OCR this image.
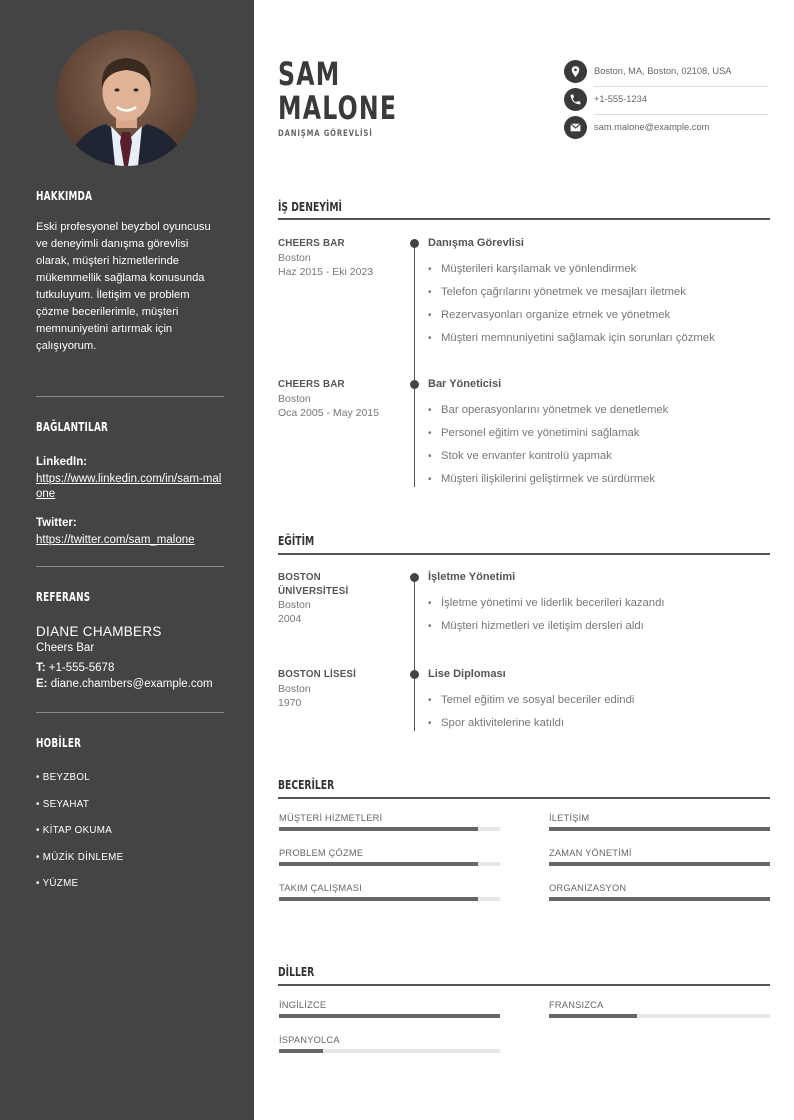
HAKKIMDA
Eski profesyonel beyzbol oyuncusu ve deneyimli danışma görevlisi olarak, müşteri hizmetlerinde mükemmellik sağlama konusunda tutkuluyum. İletişim ve problem çözme becerilerimle, müşteri memnuniyetini artırmak için çalışıyorum.
BAĞLANTILAR
LinkedIn:
https://www.linkedin.com/in/sam-malone
Twitter:
https://twitter.com/sam_malone
REFERANS
DIANE CHAMBERS
Cheers Bar
T: +1-555-5678
E: diane.chambers@example.com
HOBİLER
• BEYZBOL
• SEYAHAT
• KİTAP OKUMA
• MÜZİK DİNLEME
• YÜZME
SAM
MALONE
DANIŞMA GÖREVLİSİ
Boston, MA, Boston, 02108, USA
+1-555-1234
sam.malone@example.com
İŞ DENEYİMİ
CHEERS BAR
Boston
Haz 2015 - Eki 2023
Danışma Görevlisi
• Müşterileri karşılamak ve yönlendirmek
• Telefon çağrılarını yönetmek ve mesajları iletmek
• Rezervasyonları organize etmek ve yönetmek
• Müşteri memnuniyetini sağlamak için sorunları çözmek
CHEERS BAR
Boston
Oca 2005 - May 2015
Bar Yöneticisi
• Bar operasyonlarını yönetmek ve denetlemek
• Personel eğitim ve yönetimini sağlamak
• Stok ve envanter kontrolü yapmak
• Müşteri ilişkilerini geliştirmek ve sürdürmek
EĞİTİM
BOSTON ÜNİVERSİTESİ
Boston
2004
İşletme Yönetimi
• İşletme yönetimi ve liderlik becerileri kazandı
• Müşteri hizmetleri ve iletişim dersleri aldı
BOSTON LİSESİ
Boston
1970
Lise Diploması
• Temel eğitim ve sosyal beceriler edindi
• Spor aktivitelerine katıldı
BECERİLER
MÜŞTERİ HİZMETLERİ	İLETİŞİM
PROBLEM ÇÖZME	ZAMAN YÖNETİMİ
TAKIM ÇALIŞMASI	ORGANİZASYON
DİLLER
İNGİLİZCE	FRANSIZCA
İSPANYOLCA
